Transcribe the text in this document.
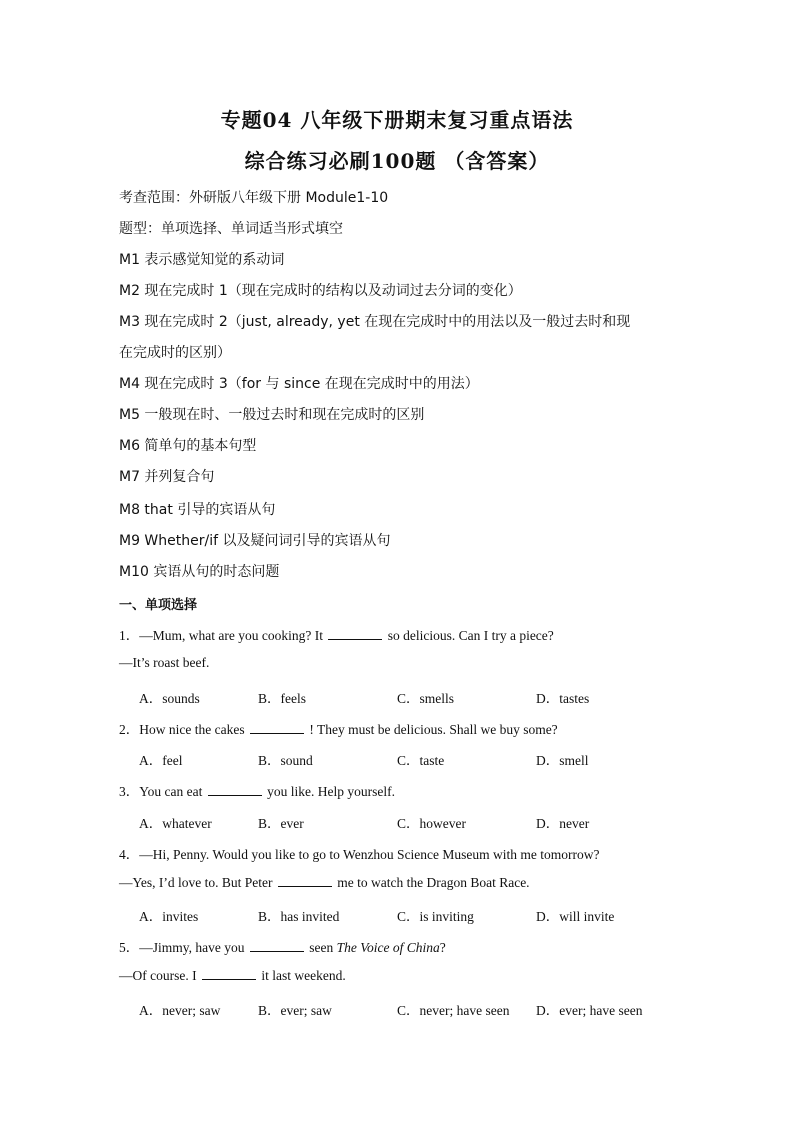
专题04 八年级下册期末复习重点语法
综合练习必刷100题 （含答案）
考查范围：外研版八年级下册 Module1-10
题型：单项选择、单词适当形式填空
M1 表示感觉知觉的系动词
M2 现在完成时 1（现在完成时的结构以及动词过去分词的变化）
M3 现在完成时 2（just, already, yet 在现在完成时中的用法以及一般过去时和现
在完成时的区别）
M4 现在完成时 3（for 与 since 在现在完成时中的用法）
M5 一般现在时、一般过去时和现在完成时的区别
M6 简单句的基本句型
M7 并列复合句
M8 that 引导的宾语从句
M9 Whether/if 以及疑问词引导的宾语从句
M10 宾语从句的时态问题
一、单项选择
1．—Mum, what are you cooking? It	so delicious. Can I try a piece?
—It’s roast beef.
A．sounds	B．feels	C．smells	D．tastes
2．How nice the cakes	! They must be delicious. Shall we buy some?
A．feel	B．sound	C．taste	D．smell
3．You can eat	you like. Help yourself.
A．whatever	B．ever	C．however	D．never
4．—Hi, Penny. Would you like to go to Wenzhou Science Museum with me tomorrow?
—Yes, I’d love to. But Peter	me to watch the Dragon Boat Race.
A．invites	B．has invited	C．is inviting	D．will invite
5．—Jimmy, have you	seen The Voice of China?
—Of course. I	it last weekend.
A．never; saw	B．ever; saw	C．never; have seen D．ever; have seen
